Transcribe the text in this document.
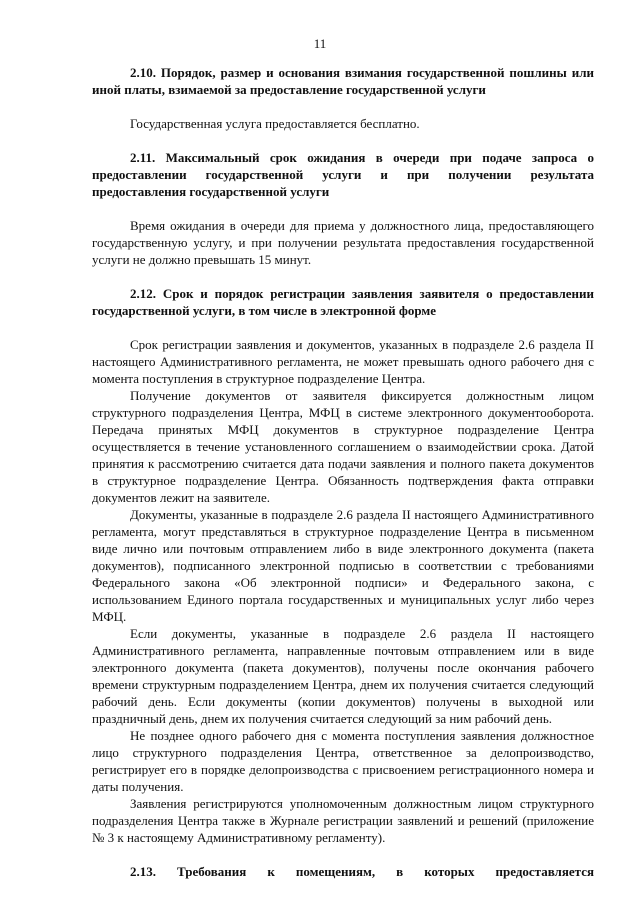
11

2.10. Порядок, размер и основания взимания государственной пошлины или иной платы, взимаемой за предоставление государственной услуги

Государственная услуга предоставляется бесплатно.

2.11. Максимальный срок ожидания в очереди при подаче запроса о предоставлении государственной услуги и при получении результата предоставления государственной услуги

Время ожидания в очереди для приема у должностного лица, предоставляющего государственную услугу, и при получении результата предоставления государственной услуги не должно превышать 15 минут.

2.12. Срок и порядок регистрации заявления заявителя о предоставлении государственной услуги, в том числе в электронной форме

Срок регистрации заявления и документов, указанных в подразделе 2.6 раздела II настоящего Административного регламента, не может превышать одного рабочего дня с момента поступления в структурное подразделение Центра.

Получение документов от заявителя фиксируется должностным лицом структурного подразделения Центра, МФЦ в системе электронного документооборота. Передача принятых МФЦ документов в структурное подразделение Центра осуществляется в течение установленного соглашением о взаимодействии срока. Датой принятия к рассмотрению считается дата подачи заявления и полного пакета документов в структурное подразделение Центра. Обязанность подтверждения факта отправки документов лежит на заявителе.

Документы, указанные в подразделе 2.6 раздела II настоящего Административного регламента, могут представляться в структурное подразделение Центра в письменном виде лично или почтовым отправлением либо в виде электронного документа (пакета документов), подписанного электронной подписью в соответствии с требованиями Федерального закона «Об электронной подписи» и Федерального закона, с использованием Единого портала государственных и муниципальных услуг либо через МФЦ.

Если документы, указанные в подразделе 2.6 раздела II настоящего Административного регламента, направленные почтовым отправлением или в виде электронного документа (пакета документов), получены после окончания рабочего времени структурным подразделением Центра, днем их получения считается следующий рабочий день. Если документы (копии документов) получены в выходной или праздничный день, днем их получения считается следующий за ним рабочий день.

Не позднее одного рабочего дня с момента поступления заявления должностное лицо структурного подразделения Центра, ответственное за делопроизводство, регистрирует его в порядке делопроизводства с присвоением регистрационного номера и даты получения.

Заявления регистрируются уполномоченным должностным лицом структурного подразделения Центра также в Журнале регистрации заявлений и решений (приложение № 3 к настоящему Административному регламенту).

2.13. Требования к помещениям, в которых предоставляется
